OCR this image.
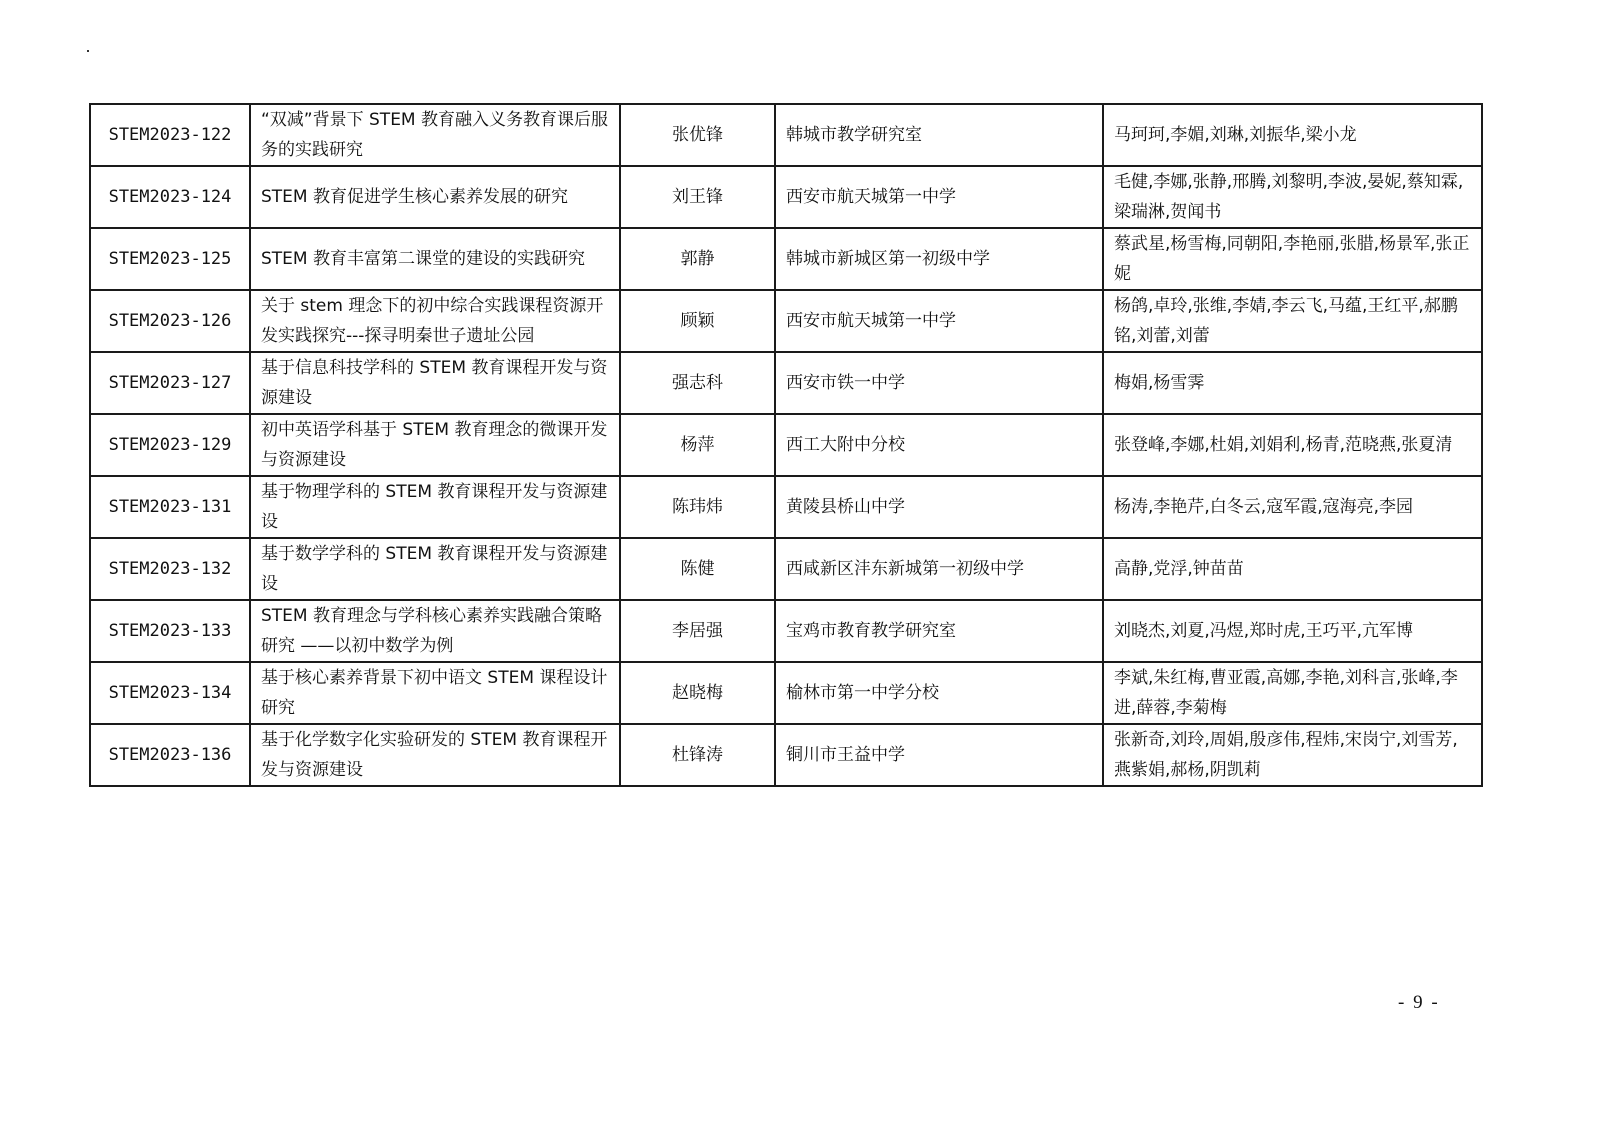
STEM2023-122	“双减”背景下 STEM 教育融入义务教育课后服务的实践研究	张优锋	韩城市教学研究室	马珂珂,李媚,刘琳,刘振华,梁小龙
STEM2023-124	STEM 教育促进学生核心素养发展的研究	刘王锋	西安市航天城第一中学	毛健,李娜,张静,邢腾,刘黎明,李波,晏妮,蔡知霖,梁瑞淋,贺闻书
STEM2023-125	STEM 教育丰富第二课堂的建设的实践研究	郭静	韩城市新城区第一初级中学	蔡武星,杨雪梅,同朝阳,李艳丽,张腊,杨景军,张正妮
STEM2023-126	关于 stem 理念下的初中综合实践课程资源开发实践探究---探寻明秦世子遗址公园	顾颖	西安市航天城第一中学	杨鸽,卓玲,张维,李婧,李云飞,马蕴,王红平,郝鹏铭,刘蕾,刘蕾
STEM2023-127	基于信息科技学科的 STEM 教育课程开发与资源建设	强志科	西安市铁一中学	梅娟,杨雪霁
STEM2023-129	初中英语学科基于 STEM 教育理念的微课开发与资源建设	杨萍	西工大附中分校	张登峰,李娜,杜娟,刘娟利,杨青,范晓燕,张夏清
STEM2023-131	基于物理学科的 STEM 教育课程开发与资源建设	陈玮炜	黄陵县桥山中学	杨涛,李艳芹,白冬云,寇军霞,寇海亮,李园
STEM2023-132	基于数学学科的 STEM 教育课程开发与资源建设	陈健	西咸新区沣东新城第一初级中学	高静,党浮,钟苗苗
STEM2023-133	STEM 教育理念与学科核心素养实践融合策略研究 ——以初中数学为例	李居强	宝鸡市教育教学研究室	刘晓杰,刘夏,冯煜,郑时虎,王巧平,亢军博
STEM2023-134	基于核心素养背景下初中语文 STEM 课程设计研究	赵晓梅	榆林市第一中学分校	李斌,朱红梅,曹亚霞,高娜,李艳,刘科言,张峰,李进,薛蓉,李菊梅
STEM2023-136	基于化学数字化实验研发的 STEM 教育课程开发与资源建设	杜锋涛	铜川市王益中学	张新奇,刘玲,周娟,殷彦伟,程炜,宋岗宁,刘雪芳,燕紫娟,郝杨,阴凯莉
- 9 -
